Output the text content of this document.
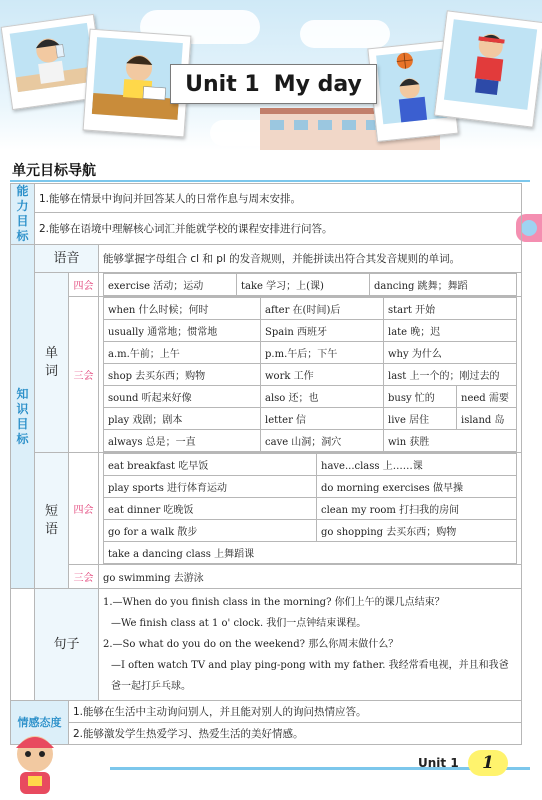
Unit 1 My day
单元目标导航
能力目标	1.能够在情景中询问并回答某人的日常作息与周末安排。
2.能够在语境中理解核心词汇并能就学校的课程安排进行问答。
知识目标	语音	能够掌握字母组合 cl 和 pl 的发音规则，并能拼读出符合其发音规则的单词。
单词	四会	exercise 活动；运动	take 学习；上(课)	dancing 跳舞；舞蹈

三会	
when 什么时候；何时	after 在(时间)后	start 开始
usually 通常地；惯常地	Spain 西班牙	late 晚；迟
a.m.午前；上午	p.m.午后；下午	why 为什么
shop 去买东西；购物	work 工作	last 上一个的；刚过去的
sound 听起来好像	also 还；也	busy 忙的	need 需要
play 戏剧；剧本	letter 信	live 居住	island 岛
always 总是；一直	cave 山洞；洞穴	win 获胜

短语	四会	
eat breakfast 吃早饭	have...class 上……课
play sports 进行体育运动	do morning exercises 做早操
eat dinner 吃晚饭	clean my room 打扫我的房间
go for a walk 散步	go shopping 去买东西；购物
take a dancing class 上舞蹈课

三会	go swimming 去游泳
	句子	
1.—When do you finish class in the morning? 你们上午的课几点结束？
—We finish class at 1 o' clock. 我们一点钟结束课程。
2.—So what do you do on the weekend? 那么你周末做什么？
—I often watch TV and play ping-pong with my father. 我经常看电视，并且和我爸
爸一起打乒乓球。

情感态度	1.能够在生活中主动询问别人，并且能对别人的询问热情应答。
2.能够激发学生热爱学习、热爱生活的美好情感。
Unit 1	1
